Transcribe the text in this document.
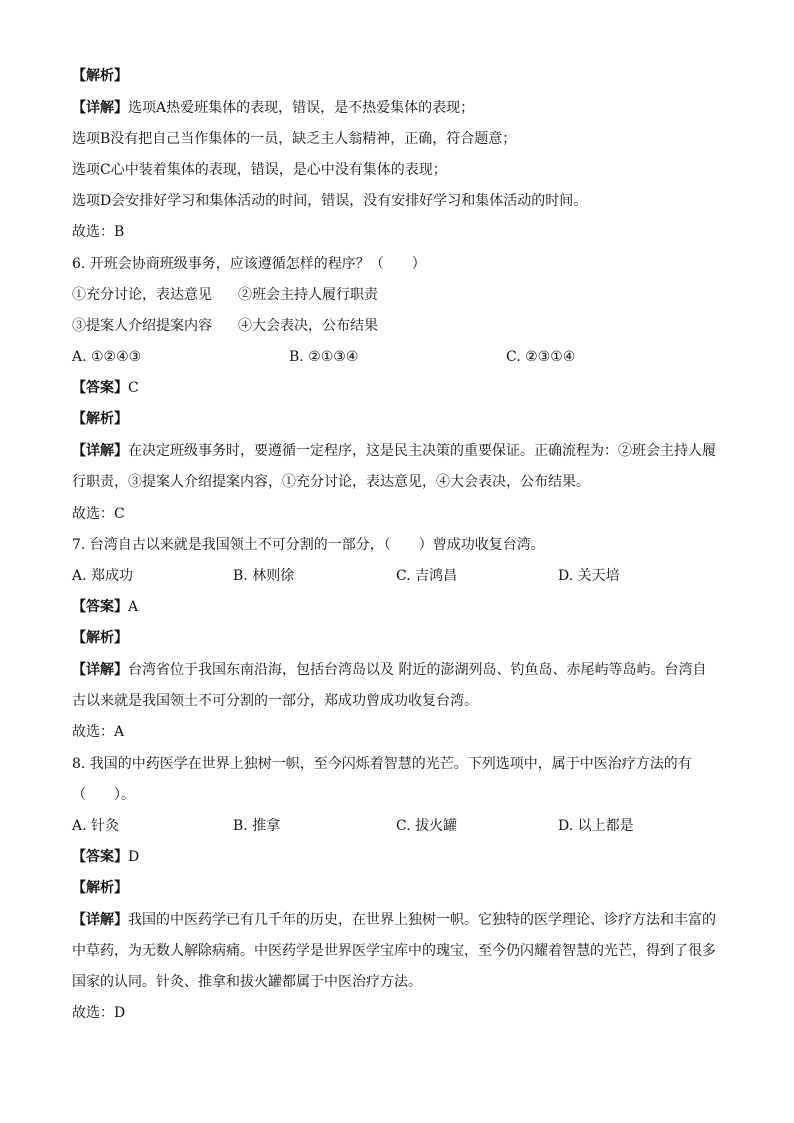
【解析】
【详解】选项A热爱班集体的表现，错误，是不热爱集体的表现；
选项B没有把自己当作集体的一员，缺乏主人翁精神，正确，符合题意；
选项C心中装着集体的表现，错误，是心中没有集体的表现；
选项D会安排好学习和集体活动的时间，错误，没有安排好学习和集体活动的时间。
故选：B
6. 开班会协商班级事务，应该遵循怎样的程序？（　　）
①充分讨论，表达意见 ②班会主持人履行职责
③提案人介绍提案内容 ④大会表决，公布结果
A. ①②④③	B. ②①③④	C. ②③①④
【答案】C
【解析】
【详解】在决定班级事务时，要遵循一定程序，这是民主决策的重要保证。正确流程为：②班会主持人履
行职责，③提案人介绍提案内容，①充分讨论，表达意见，④大会表决，公布结果。
故选：C
7. 台湾自古以来就是我国领土不可分割的一部分，（　　）曾成功收复台湾。
A. 郑成功	B. 林则徐	C. 吉鸿昌	D. 关天培
【答案】A
【解析】
【详解】台湾省位于我国东南沿海，包括台湾岛以及 附近的澎湖列岛、钓鱼岛、赤尾屿等岛屿。台湾自
古以来就是我国领土不可分割的一部分，郑成功曾成功收复台湾。
故选：A
8. 我国的中药医学在世界上独树一帜，至今闪烁着智慧的光芒。下列选项中，属于中医治疗方法的有
（　　）。
A. 针灸	B. 推拿	C. 拔火罐	D. 以上都是
【答案】D
【解析】
【详解】我国的中医药学已有几千年的历史，在世界上独树一帜。它独特的医学理论、诊疗方法和丰富的
中草药，为无数人解除病痛。中医药学是世界医学宝库中的瑰宝，至今仍闪耀着智慧的光芒，得到了很多
国家的认同。针灸、推拿和拔火罐都属于中医治疗方法。
故选：D
